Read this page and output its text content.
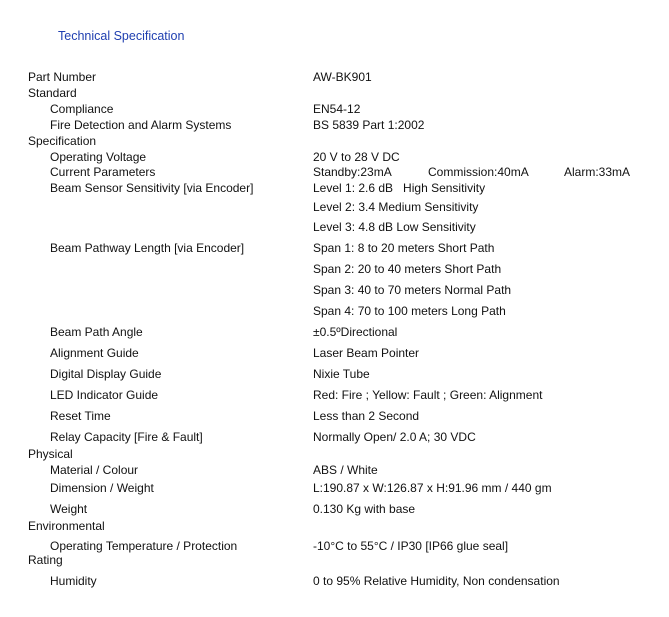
Technical Specification
Part Number	AW-BK901
Standard
Compliance	EN54-12
Fire Detection and Alarm Systems	BS 5839 Part 1:2002
Specification
Operating Voltage	20 V to 28 V DC
Current Parameters	Standby:23mA	Commission:40mA	Alarm:33mA
Beam Sensor Sensitivity [via Encoder]	Level 1: 2.6 dB   High Sensitivity
Level 2: 3.4 Medium Sensitivity
Level 3: 4.8 dB Low Sensitivity
Beam Pathway Length [via Encoder]	Span 1: 8 to 20 meters Short Path
Span 2: 20 to 40 meters Short Path
Span 3: 40 to 70 meters Normal Path
Span 4: 70 to 100 meters Long Path
Beam Path Angle	±0.5ºDirectional
Alignment Guide	Laser Beam Pointer
Digital Display Guide	Nixie Tube
LED Indicator Guide	Red: Fire ; Yellow: Fault ; Green: Alignment
Reset Time	Less than 2 Second
Relay Capacity [Fire & Fault]	Normally Open/ 2.0 A; 30 VDC
Physical
Material / Colour	ABS / White
Dimension / Weight	L:190.87 x W:126.87 x H:91.96 mm / 440 gm
Weight	0.130 Kg with base
Environmental
Operating Temperature / Protection	-10°C to 55°C / IP30 [IP66 glue seal]
Rating
Humidity	0 to 95% Relative Humidity, Non condensation
